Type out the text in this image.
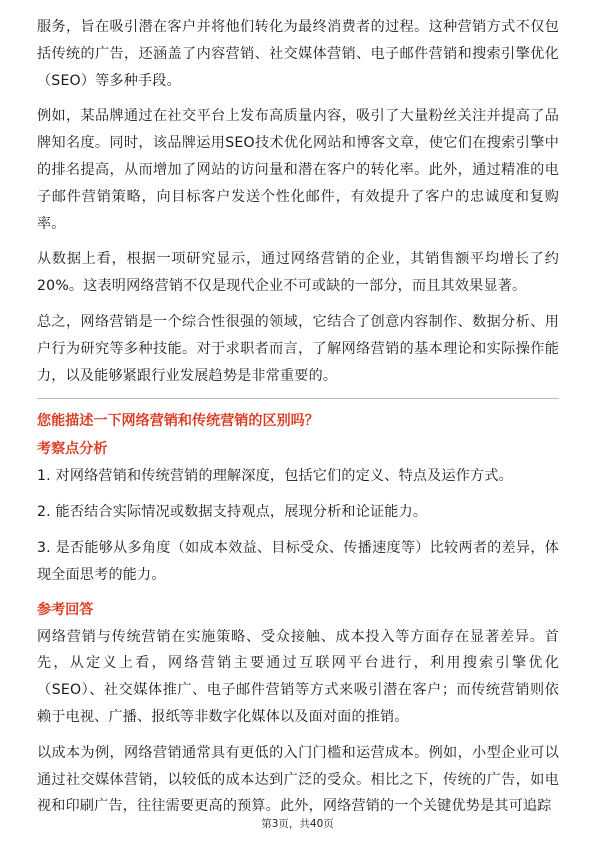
服务，旨在吸引潜在客户并将他们转化为最终消费者的过程。这种营销方式不仅包括传统的广告，还涵盖了内容营销、社交媒体营销、电子邮件营销和搜索引擎优化（SEO）等多种手段。

例如，某品牌通过在社交平台上发布高质量内容，吸引了大量粉丝关注并提高了品牌知名度。同时，该品牌运用SEO技术优化网站和博客文章，使它们在搜索引擎中的排名提高，从而增加了网站的访问量和潜在客户的转化率。此外，通过精准的电子邮件营销策略，向目标客户发送个性化邮件，有效提升了客户的忠诚度和复购率。

从数据上看，根据一项研究显示，通过网络营销的企业，其销售额平均增长了约20%。这表明网络营销不仅是现代企业不可或缺的一部分，而且其效果显著。

总之，网络营销是一个综合性很强的领域，它结合了创意内容制作、数据分析、用户行为研究等多种技能。对于求职者而言，了解网络营销的基本理论和实际操作能力，以及能够紧跟行业发展趋势是非常重要的。

您能描述一下网络营销和传统营销的区别吗？
考察点分析

1. 对网络营销和传统营销的理解深度，包括它们的定义、特点及运作方式。

2. 能否结合实际情况或数据支持观点，展现分析和论证能力。

3. 是否能够从多角度（如成本效益、目标受众、传播速度等）比较两者的差异，体现全面思考的能力。

参考回答

网络营销与传统营销在实施策略、受众接触、成本投入等方面存在显著差异。首先，从定义上看，网络营销主要通过互联网平台进行，利用搜索引擎优化（SEO）、社交媒体推广、电子邮件营销等方式来吸引潜在客户；而传统营销则依赖于电视、广播、报纸等非数字化媒体以及面对面的推销。

以成本为例，网络营销通常具有更低的入门门槛和运营成本。例如，小型企业可以通过社交媒体营销，以较低的成本达到广泛的受众。相比之下，传统的广告，如电视和印刷广告，往往需要更高的预算。此外，网络营销的一个关键优势是其可追踪

第3页，共40页
